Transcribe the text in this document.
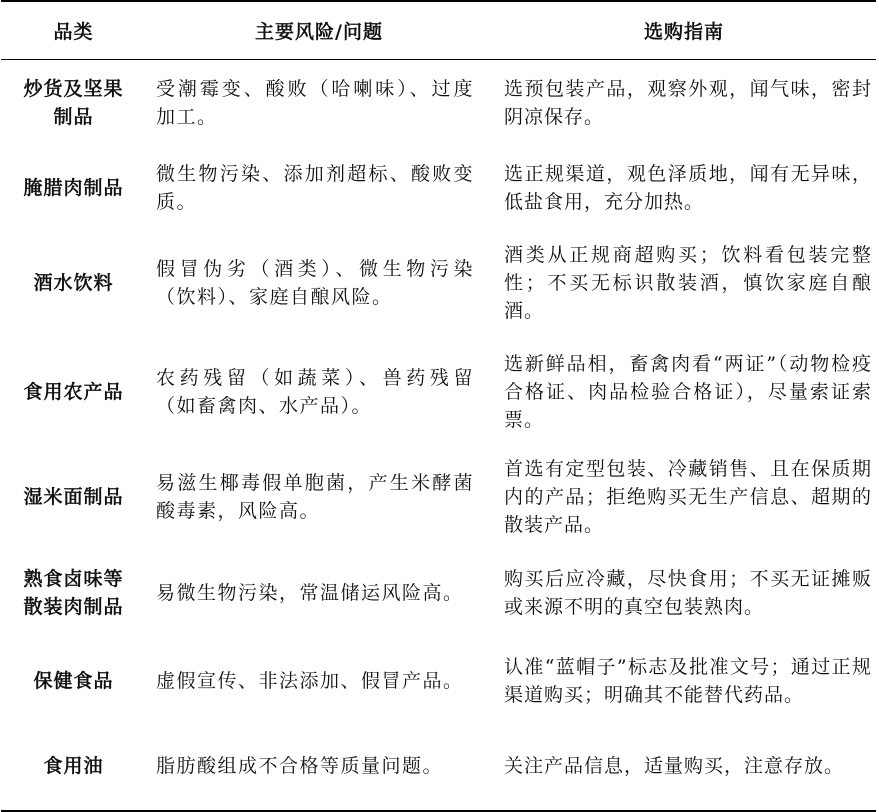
品类	主要风险/问题	选购指南
炒货及坚果制品	受潮霉变、酸败（哈喇味）、过度加工。	选预包装产品，观察外观，闻气味，密封阴凉保存。
腌腊肉制品	微生物污染、添加剂超标、酸败变质。	选正规渠道，观色泽质地，闻有无异味，低盐食用，充分加热。
酒水饮料	假冒伪劣（酒类）、微生物污染（饮料）、家庭自酿风险。	酒类从正规商超购买；饮料看包装完整性；不买无标识散装酒，慎饮家庭自酿酒。
食用农产品	农药残留（如蔬菜）、兽药残留（如畜禽肉、水产品）。	选新鲜品相，畜禽肉看“两证”（动物检疫合格证、肉品检验合格证），尽量索证索票。
湿米面制品	易滋生椰毒假单胞菌，产生米酵菌酸毒素，风险高。	首选有定型包装、冷藏销售、且在保质期内的产品；拒绝购买无生产信息、超期的散装产品。
熟食卤味等散装肉制品	易微生物污染，常温储运风险高。	购买后应冷藏，尽快食用；不买无证摊贩或来源不明的真空包装熟肉。
保健食品	虚假宣传、非法添加、假冒产品。	认准“蓝帽子”标志及批准文号；通过正规渠道购买；明确其不能替代药品。
食用油	脂肪酸组成不合格等质量问题。	关注产品信息，适量购买，注意存放。
